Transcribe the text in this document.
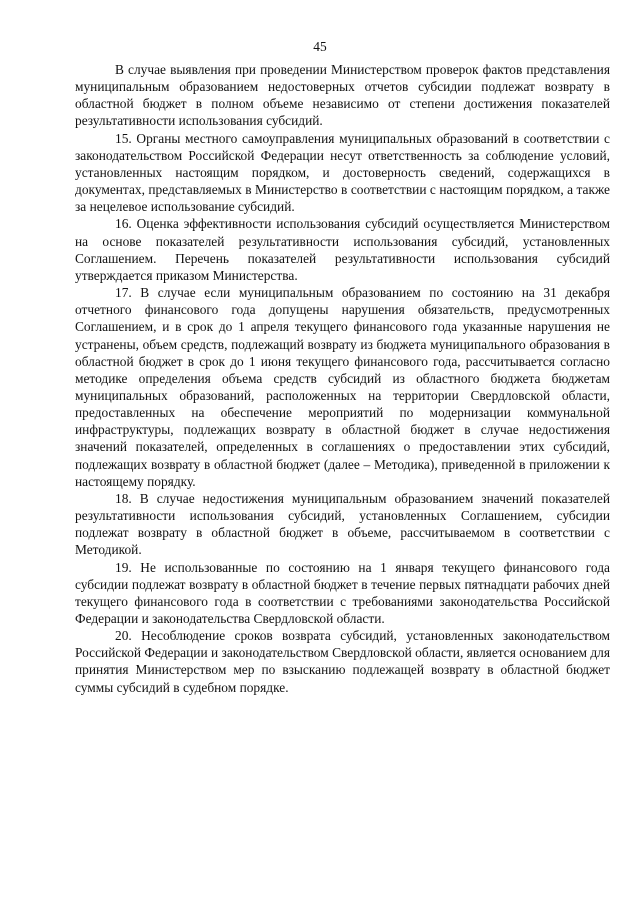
45

В случае выявления при проведении Министерством проверок фактов представления муниципальным образованием недостоверных отчетов субсидии подлежат возврату в областной бюджет в полном объеме независимо от степени достижения показателей результативности использования субсидий.

15. Органы местного самоуправления муниципальных образований в соответствии с законодательством Российской Федерации несут ответственность за соблюдение условий, установленных настоящим порядком, и достоверность сведений, содержащихся в документах, представляемых в Министерство в соответствии с настоящим порядком, а также за нецелевое использование субсидий.

16. Оценка эффективности использования субсидий осуществляется Министерством на основе показателей результативности использования субсидий, установленных Соглашением. Перечень показателей результативности использования субсидий утверждается приказом Министерства.

17. В случае если муниципальным образованием по состоянию на 31 декабря отчетного финансового года допущены нарушения обязательств, предусмотренных Соглашением, и в срок до 1 апреля текущего финансового года указанные нарушения не устранены, объем средств, подлежащий возврату из бюджета муниципального образования в областной бюджет в срок до 1 июня текущего финансового года, рассчитывается согласно методике определения объема средств субсидий из областного бюджета бюджетам муниципальных образований, расположенных на территории Свердловской области, предоставленных на обеспечение мероприятий по модернизации коммунальной инфраструктуры, подлежащих возврату в областной бюджет в случае недостижения значений показателей, определенных в соглашениях о предоставлении этих субсидий, подлежащих возврату в областной бюджет (далее – Методика), приведенной в приложении к настоящему порядку.

18. В случае недостижения муниципальным образованием значений показателей результативности использования субсидий, установленных Соглашением, субсидии подлежат возврату в областной бюджет в объеме, рассчитываемом в соответствии с Методикой.

19. Не использованные по состоянию на 1 января текущего финансового года субсидии подлежат возврату в областной бюджет в течение первых пятнадцати рабочих дней текущего финансового года в соответствии с требованиями законодательства Российской Федерации и законодательства Свердловской области.

20. Несоблюдение сроков возврата субсидий, установленных законодательством Российской Федерации и законодательством Свердловской области, является основанием для принятия Министерством мер по взысканию подлежащей возврату в областной бюджет суммы субсидий в судебном порядке.
